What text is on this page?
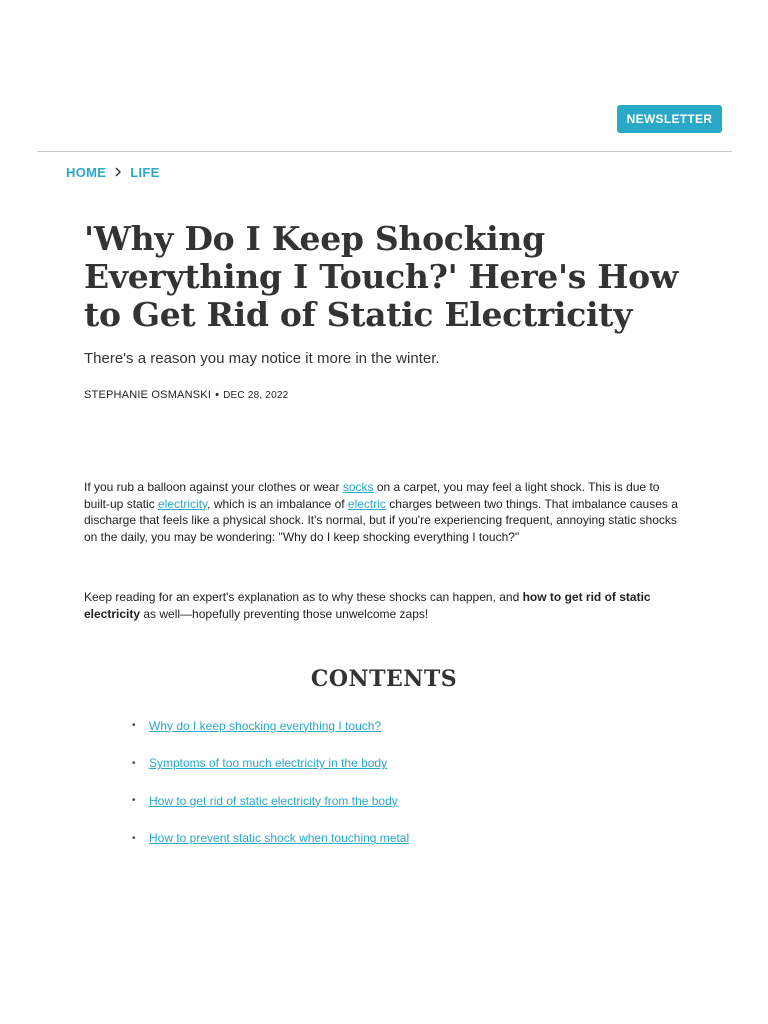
NEWSLETTER
HOME LIFE
'Why Do I Keep Shocking Everything I Touch?' Here's How to Get Rid of Static Electricity

There's a reason you may notice it more in the winter.

STEPHANIE OSMANSKI • DEC 28, 2022

If you rub a balloon against your clothes or wear socks on a carpet, you may feel a light shock. This is due to built-up static electricity, which is an imbalance of electric charges between two things. That imbalance causes a discharge that feels like a physical shock. It's normal, but if you're experiencing frequent, annoying static shocks on the daily, you may be wondering: "Why do I keep shocking everything I touch?"

Keep reading for an expert's explanation as to why these shocks can happen, and how to get rid of static electricity as well—hopefully preventing those unwelcome zaps!

CONTENTS
•	Why do I keep shocking everything I touch?
•	Symptoms of too much electricity in the body
•	How to get rid of static electricity from the body
•	How to prevent static shock when touching metal
